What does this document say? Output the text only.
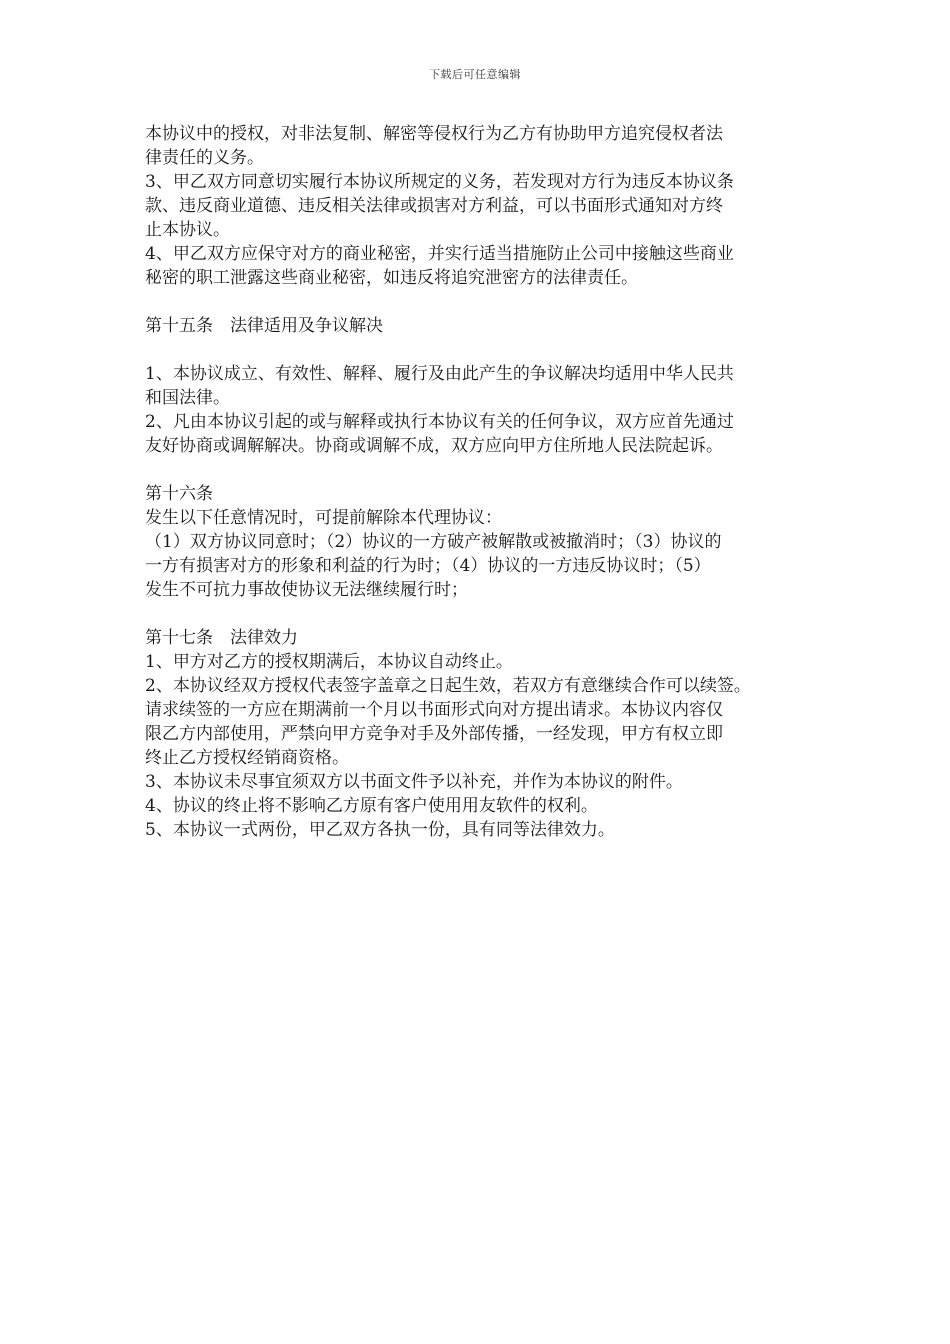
下载后可任意编辑
本协议中的授权，对非法复制、解密等侵权行为乙方有协助甲方追究侵权者法
律责任的义务。
3、甲乙双方同意切实履行本协议所规定的义务，若发现对方行为违反本协议条
款、违反商业道德、违反相关法律或损害对方利益，可以书面形式通知对方终
止本协议。
4、甲乙双方应保守对方的商业秘密，并实行适当措施防止公司中接触这些商业
秘密的职工泄露这些商业秘密，如违反将追究泄密方的法律责任。
第十五条　法律适用及争议解决
1、本协议成立、有效性、解释、履行及由此产生的争议解决均适用中华人民共
和国法律。
2、凡由本协议引起的或与解释或执行本协议有关的任何争议，双方应首先通过
友好协商或调解解决。协商或调解不成，双方应向甲方住所地人民法院起诉。
第十六条
发生以下任意情况时，可提前解除本代理协议：
（1）双方协议同意时；（2）协议的一方破产被解散或被撤消时；（3）协议的
一方有损害对方的形象和利益的行为时；（4）协议的一方违反协议时；（5）
发生不可抗力事故使协议无法继续履行时；
第十七条　法律效力
1、甲方对乙方的授权期满后，本协议自动终止。
2、本协议经双方授权代表签字盖章之日起生效，若双方有意继续合作可以续签。
请求续签的一方应在期满前一个月以书面形式向对方提出请求。本协议内容仅
限乙方内部使用，严禁向甲方竞争对手及外部传播，一经发现，甲方有权立即
终止乙方授权经销商资格。
3、本协议未尽事宜须双方以书面文件予以补充，并作为本协议的附件。
4、协议的终止将不影响乙方原有客户使用用友软件的权利。
5、本协议一式两份，甲乙双方各执一份，具有同等法律效力。
